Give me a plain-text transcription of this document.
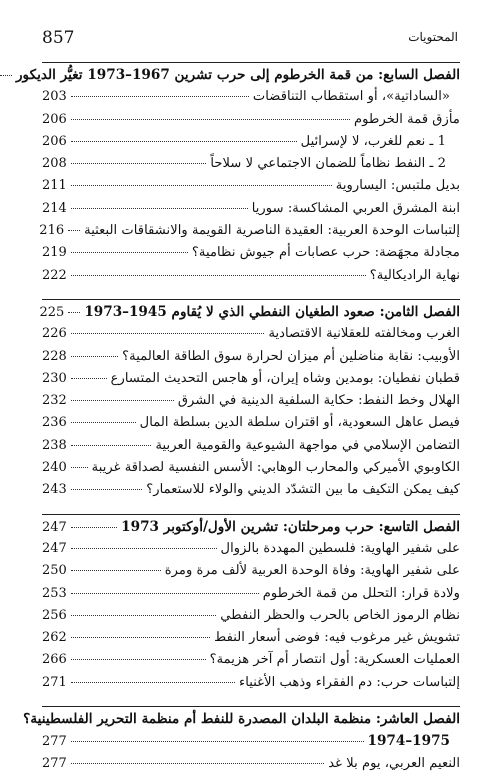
857	المحتويات
الفصل السابع: من قمة الخرطوم إلى حرب تشرين 1967–1973 تغيُّر الديكور
«الساداتية»، أو استقطاب التناقضات
203
مأزق قمة الخرطوم
206
1 ـ نعم للغرب، لا لإسرائيل
206
2 ـ النفط نظاماً للضمان الاجتماعي لا سلاحاً
208
بديل ملتبس: اليساروية
211
ابنة المشرق العربي المشاكسة: سوريا
214
إلتباسات الوحدة العربية: العقيدة الناصرية القويمة والانشقاقات البعثية
216
مجادلة مجهَضة: حرب عصابات أم جيوش نظامية؟
219
نهاية الراديكالية؟
222
الفصل الثامن: صعود الطغيان النفطي الذي لا يُقاوم 1945–1973
225
الغرب ومخالفته للعقلانية الاقتصادية
226
الأوبيب: نقابة مناضلين أم ميزان لحرارة سوق الطاقة العالمية؟
228
قطبان نفطيان: بومدين وشاه إيران، أو هاجس التحديث المتسارع
230
الهلال وخط النفط: حكاية السلفية الدينية في الشرق
232
فيصل عاهل السعودية، أو اقتران سلطة الدين بسلطة المال
236
التضامن الإسلامي في مواجهة الشيوعية والقومية العربية
238
الكاوبوي الأميركي والمحارب الوهابي: الأسس النفسية لصداقة غريبة
240
كيف يمكن التكيف ما بين التشدّد الديني والولاء للاستعمار؟
243
الفصل التاسع: حرب ومرحلتان: تشرين الأول/أوكتوبر 1973
247
على شفير الهاوية: فلسطين المهددة بالزوال
247
على شفير الهاوية: وفاة الوحدة العربية لألف مرة ومرة
250
ولادة قرار: التحلل من قمة الخرطوم
253
نظام الرموز الخاص بالحرب والحظر النفطي
256
تشويش غير مرغوب فيه: فوضى أسعار النفط
262
العمليات العسكرية: أول انتصار أم آخر هزيمة؟
266
إلتباسات حرب: دم الفقراء وذهب الأغنياء
271
الفصل العاشر: منظمة البلدان المصدرة للنفط أم منظمة التحرير الفلسطينية؟
1975–1974
277
النعيم العربي، يوم بلا غد
277
